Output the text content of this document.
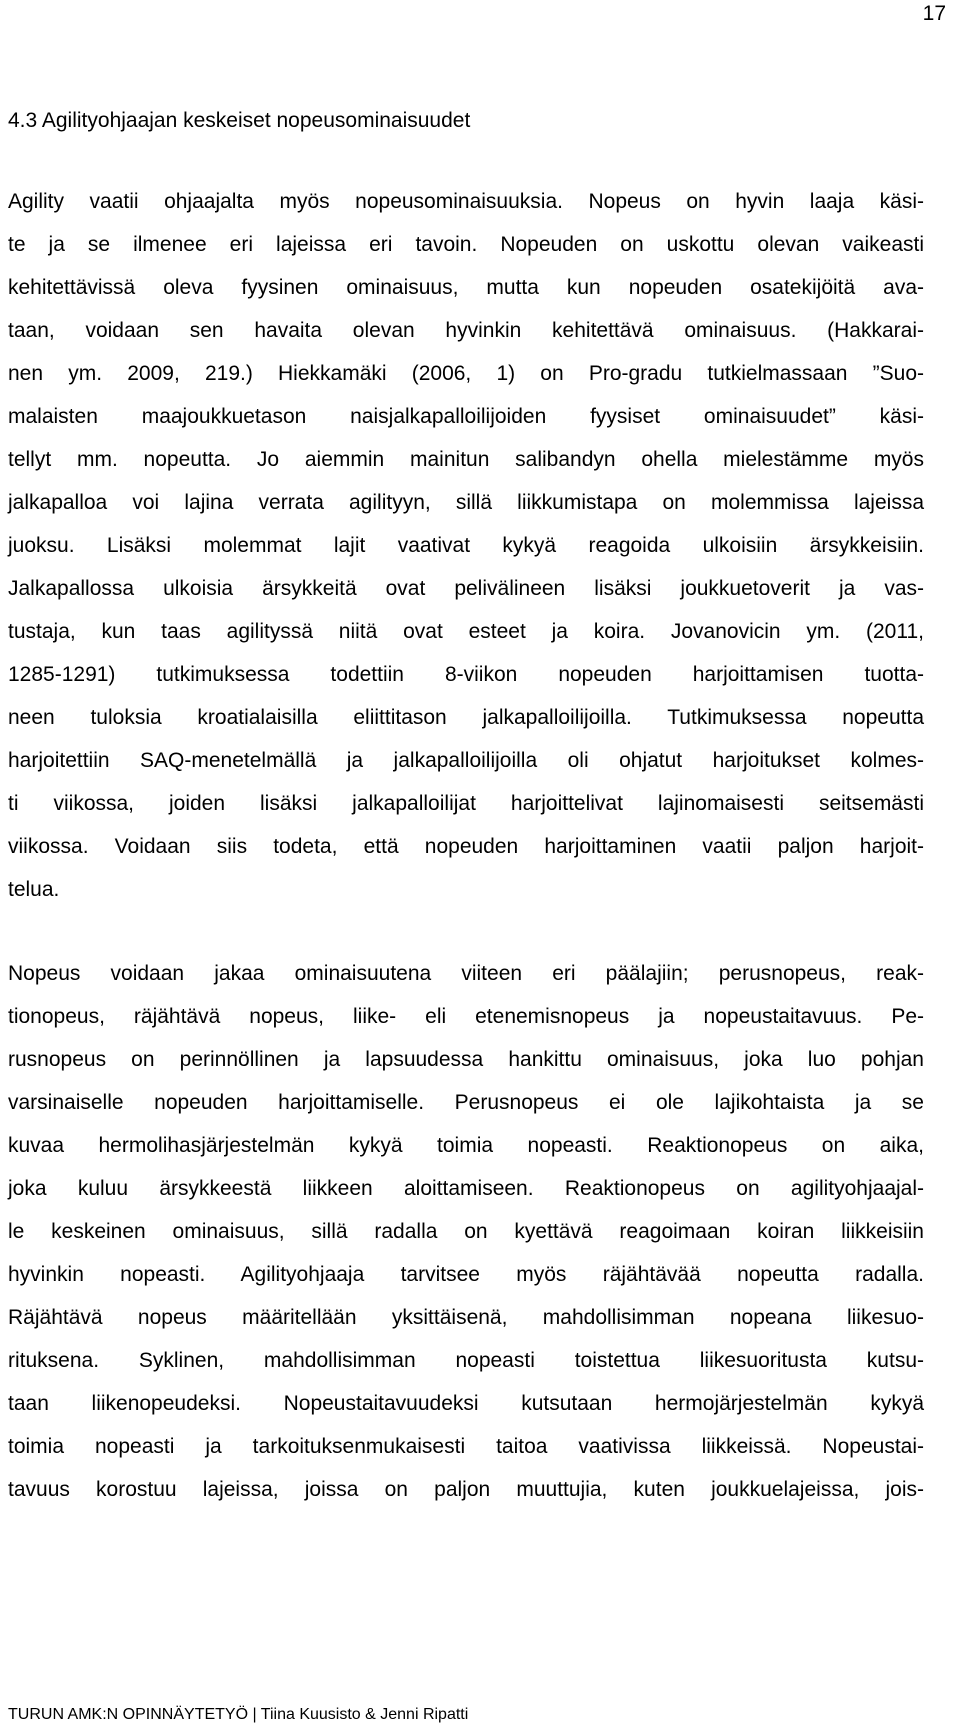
17
4.3 Agilityohjaajan keskeiset nopeusominaisuudet
Agility vaatii ohjaajalta myös nopeusominaisuuksia. Nopeus on hyvin laaja käsi-
te ja se ilmenee eri lajeissa eri tavoin. Nopeuden on uskottu olevan vaikeasti
kehitettävissä oleva fyysinen ominaisuus, mutta kun nopeuden osatekijöitä ava-
taan, voidaan sen havaita olevan hyvinkin kehitettävä ominaisuus. (Hakkarai-
nen ym. 2009, 219.) Hiekkamäki (2006, 1) on Pro-gradu tutkielmassaan ”Suo-
malaisten maajoukkuetason naisjalkapalloilijoiden fyysiset ominaisuudet” käsi-
tellyt mm. nopeutta. Jo aiemmin mainitun salibandyn ohella mielestämme myös
jalkapalloa voi lajina verrata agilityyn, sillä liikkumistapa on molemmissa lajeissa
juoksu. Lisäksi molemmat lajit vaativat kykyä reagoida ulkoisiin ärsykkeisiin.
Jalkapallossa ulkoisia ärsykkeitä ovat pelivälineen lisäksi joukkuetoverit ja vas-
tustaja, kun taas agilityssä niitä ovat esteet ja koira. Jovanovicin ym. (2011,
1285-1291) tutkimuksessa todettiin 8-viikon nopeuden harjoittamisen tuotta-
neen tuloksia kroatialaisilla eliittitason jalkapalloilijoilla. Tutkimuksessa nopeutta
harjoitettiin SAQ-menetelmällä ja jalkapalloilijoilla oli ohjatut harjoitukset kolmes-
ti viikossa, joiden lisäksi jalkapalloilijat harjoittelivat lajinomaisesti seitsemästi
viikossa. Voidaan siis todeta, että nopeuden harjoittaminen vaatii paljon harjoit-
telua.
Nopeus voidaan jakaa ominaisuutena viiteen eri päälajiin; perusnopeus, reak-
tionopeus, räjähtävä nopeus, liike- eli etenemisnopeus ja nopeustaitavuus. Pe-
rusnopeus on perinnöllinen ja lapsuudessa hankittu ominaisuus, joka luo pohjan
varsinaiselle nopeuden harjoittamiselle. Perusnopeus ei ole lajikohtaista ja se
kuvaa hermolihasjärjestelmän kykyä toimia nopeasti. Reaktionopeus on aika,
joka kuluu ärsykkeestä liikkeen aloittamiseen. Reaktionopeus on agilityohjaajal-
le keskeinen ominaisuus, sillä radalla on kyettävä reagoimaan koiran liikkeisiin
hyvinkin nopeasti. Agilityohjaaja tarvitsee myös räjähtävää nopeutta radalla.
Räjähtävä nopeus määritellään yksittäisenä, mahdollisimman nopeana liikesuo-
rituksena. Syklinen, mahdollisimman nopeasti toistettua liikesuoritusta kutsu-
taan liikenopeudeksi. Nopeustaitavuudeksi kutsutaan hermojärjestelmän kykyä
toimia nopeasti ja tarkoituksenmukaisesti taitoa vaativissa liikkeissä. Nopeustai-
tavuus korostuu lajeissa, joissa on paljon muuttujia, kuten joukkuelajeissa, jois-
TURUN AMK:N OPINNÄYTETYÖ | Tiina Kuusisto & Jenni Ripatti
